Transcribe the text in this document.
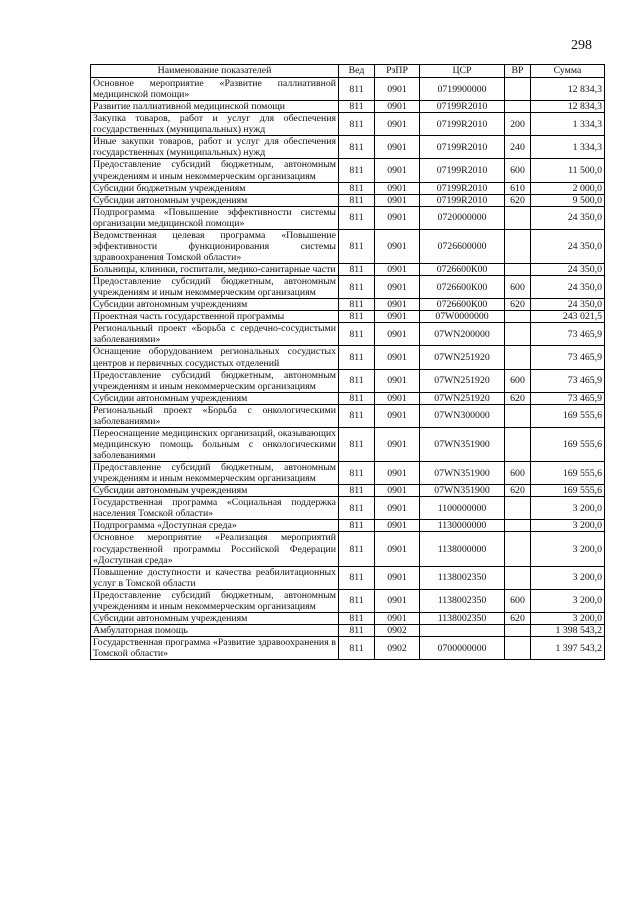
298
Наименование показателей	Вед	РзПР	ЦСР	ВР	Сумма
Основное мероприятие «Развитие паллиативной медицинской помощи»	811	0901	0719900000		12 834,3
Развитие паллиативной медицинской помощи	811	0901	07199R2010		12 834,3
Закупка товаров, работ и услуг для обеспечения государственных (муниципальных) нужд	811	0901	07199R2010	200	1 334,3
Иные закупки товаров, работ и услуг для обеспечения государственных (муниципальных) нужд	811	0901	07199R2010	240	1 334,3
Предоставление субсидий бюджетным, автономным учреждениям и иным некоммерческим организациям	811	0901	07199R2010	600	11 500,0
Субсидии бюджетным учреждениям	811	0901	07199R2010	610	2 000,0
Субсидии автономным учреждениям	811	0901	07199R2010	620	9 500,0
Подпрограмма «Повышение эффективности системы организации медицинской помощи»	811	0901	0720000000		24 350,0
Ведомственная целевая программа «Повышение эффективности функционирования системы здравоохранения Томской области»	811	0901	0726600000		24 350,0
Больницы, клиники, госпитали, медико-санитарные части	811	0901	0726600К00		24 350,0
Предоставление субсидий бюджетным, автономным учреждениям и иным некоммерческим организациям	811	0901	0726600К00	600	24 350,0
Субсидии автономным учреждениям	811	0901	0726600К00	620	24 350,0
Проектная часть государственной программы	811	0901	07W0000000		243 021,5
Региональный проект «Борьба с сердечно-сосудистыми заболеваниями»	811	0901	07WN200000		73 465,9
Оснащение оборудованием региональных сосудистых центров и первичных сосудистых отделений	811	0901	07WN251920		73 465,9
Предоставление субсидий бюджетным, автономным учреждениям и иным некоммерческим организациям	811	0901	07WN251920	600	73 465,9
Субсидии автономным учреждениям	811	0901	07WN251920	620	73 465,9
Региональный проект «Борьба с онкологическими заболеваниями»	811	0901	07WN300000		169 555,6
Переоснащение медицинских организаций, оказывающих медицинскую помощь больным с онкологическими заболеваниями	811	0901	07WN351900		169 555,6
Предоставление субсидий бюджетным, автономным учреждениям и иным некоммерческим организациям	811	0901	07WN351900	600	169 555,6
Субсидии автономным учреждениям	811	0901	07WN351900	620	169 555,6
Государственная программа «Социальная поддержка населения Томской области»	811	0901	1100000000		3 200,0
Подпрограмма «Доступная среда»	811	0901	1130000000		3 200,0
Основное мероприятие «Реализация мероприятий государственной программы Российской Федерации «Доступная среда»	811	0901	1138000000		3 200,0
Повышение доступности и качества реабилитационных услуг в Томской области	811	0901	1138002350		3 200,0
Предоставление субсидий бюджетным, автономным учреждениям и иным некоммерческим организациям	811	0901	1138002350	600	3 200,0
Субсидии автономным учреждениям	811	0901	1138002350	620	3 200,0
Амбулаторная помощь	811	0902			1 398 543,2
Государственная программа «Развитие здравоохранения в Томской области»	811	0902	0700000000		1 397 543,2
